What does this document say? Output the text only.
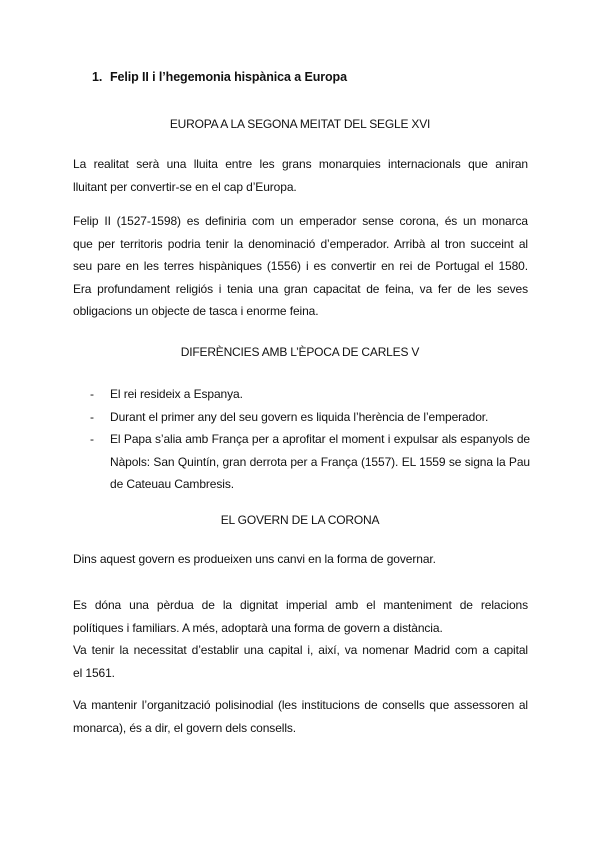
1. Felip II i l’hegemonia hispànica a Europa
EUROPA A LA SEGONA MEITAT DEL SEGLE XVI
La realitat serà una lluita entre les grans monarquies internacionals que aniran
lluitant per convertir-se en el cap d’Europa.
Felip II (1527-1598) es definiria com un emperador sense corona, és un monarca
que per territoris podria tenir la denominació d’emperador. Arribà al tron succeint al
seu pare en les terres hispàniques (1556) i es convertir en rei de Portugal el 1580.
Era profundament religiós i tenia una gran capacitat de feina, va fer de les seves
obligacions un objecte de tasca i enorme feina.
DIFERÈNCIES AMB L’ÈPOCA DE CARLES V
- El rei resideix a Espanya.
- Durant el primer any del seu govern es liquida l’herència de l’emperador.
- El Papa s’alia amb França per a aprofitar el moment i expulsar als espanyols de Nàpols: San Quintín, gran derrota per a França (1557). EL 1559 se signa la Pau de Cateuau Cambresis.
EL GOVERN DE LA CORONA
Dins aquest govern es produeixen uns canvi en la forma de governar.
Es dóna una pèrdua de la dignitat imperial amb el manteniment de relacions
polítiques i familiars. A més, adoptarà una forma de govern a distància.
Va tenir la necessitat d’establir una capital i, així, va nomenar Madrid com a capital
el 1561.
Va mantenir l’organització polisinodial (les institucions de consells que assessoren al
monarca), és a dir, el govern dels consells.
